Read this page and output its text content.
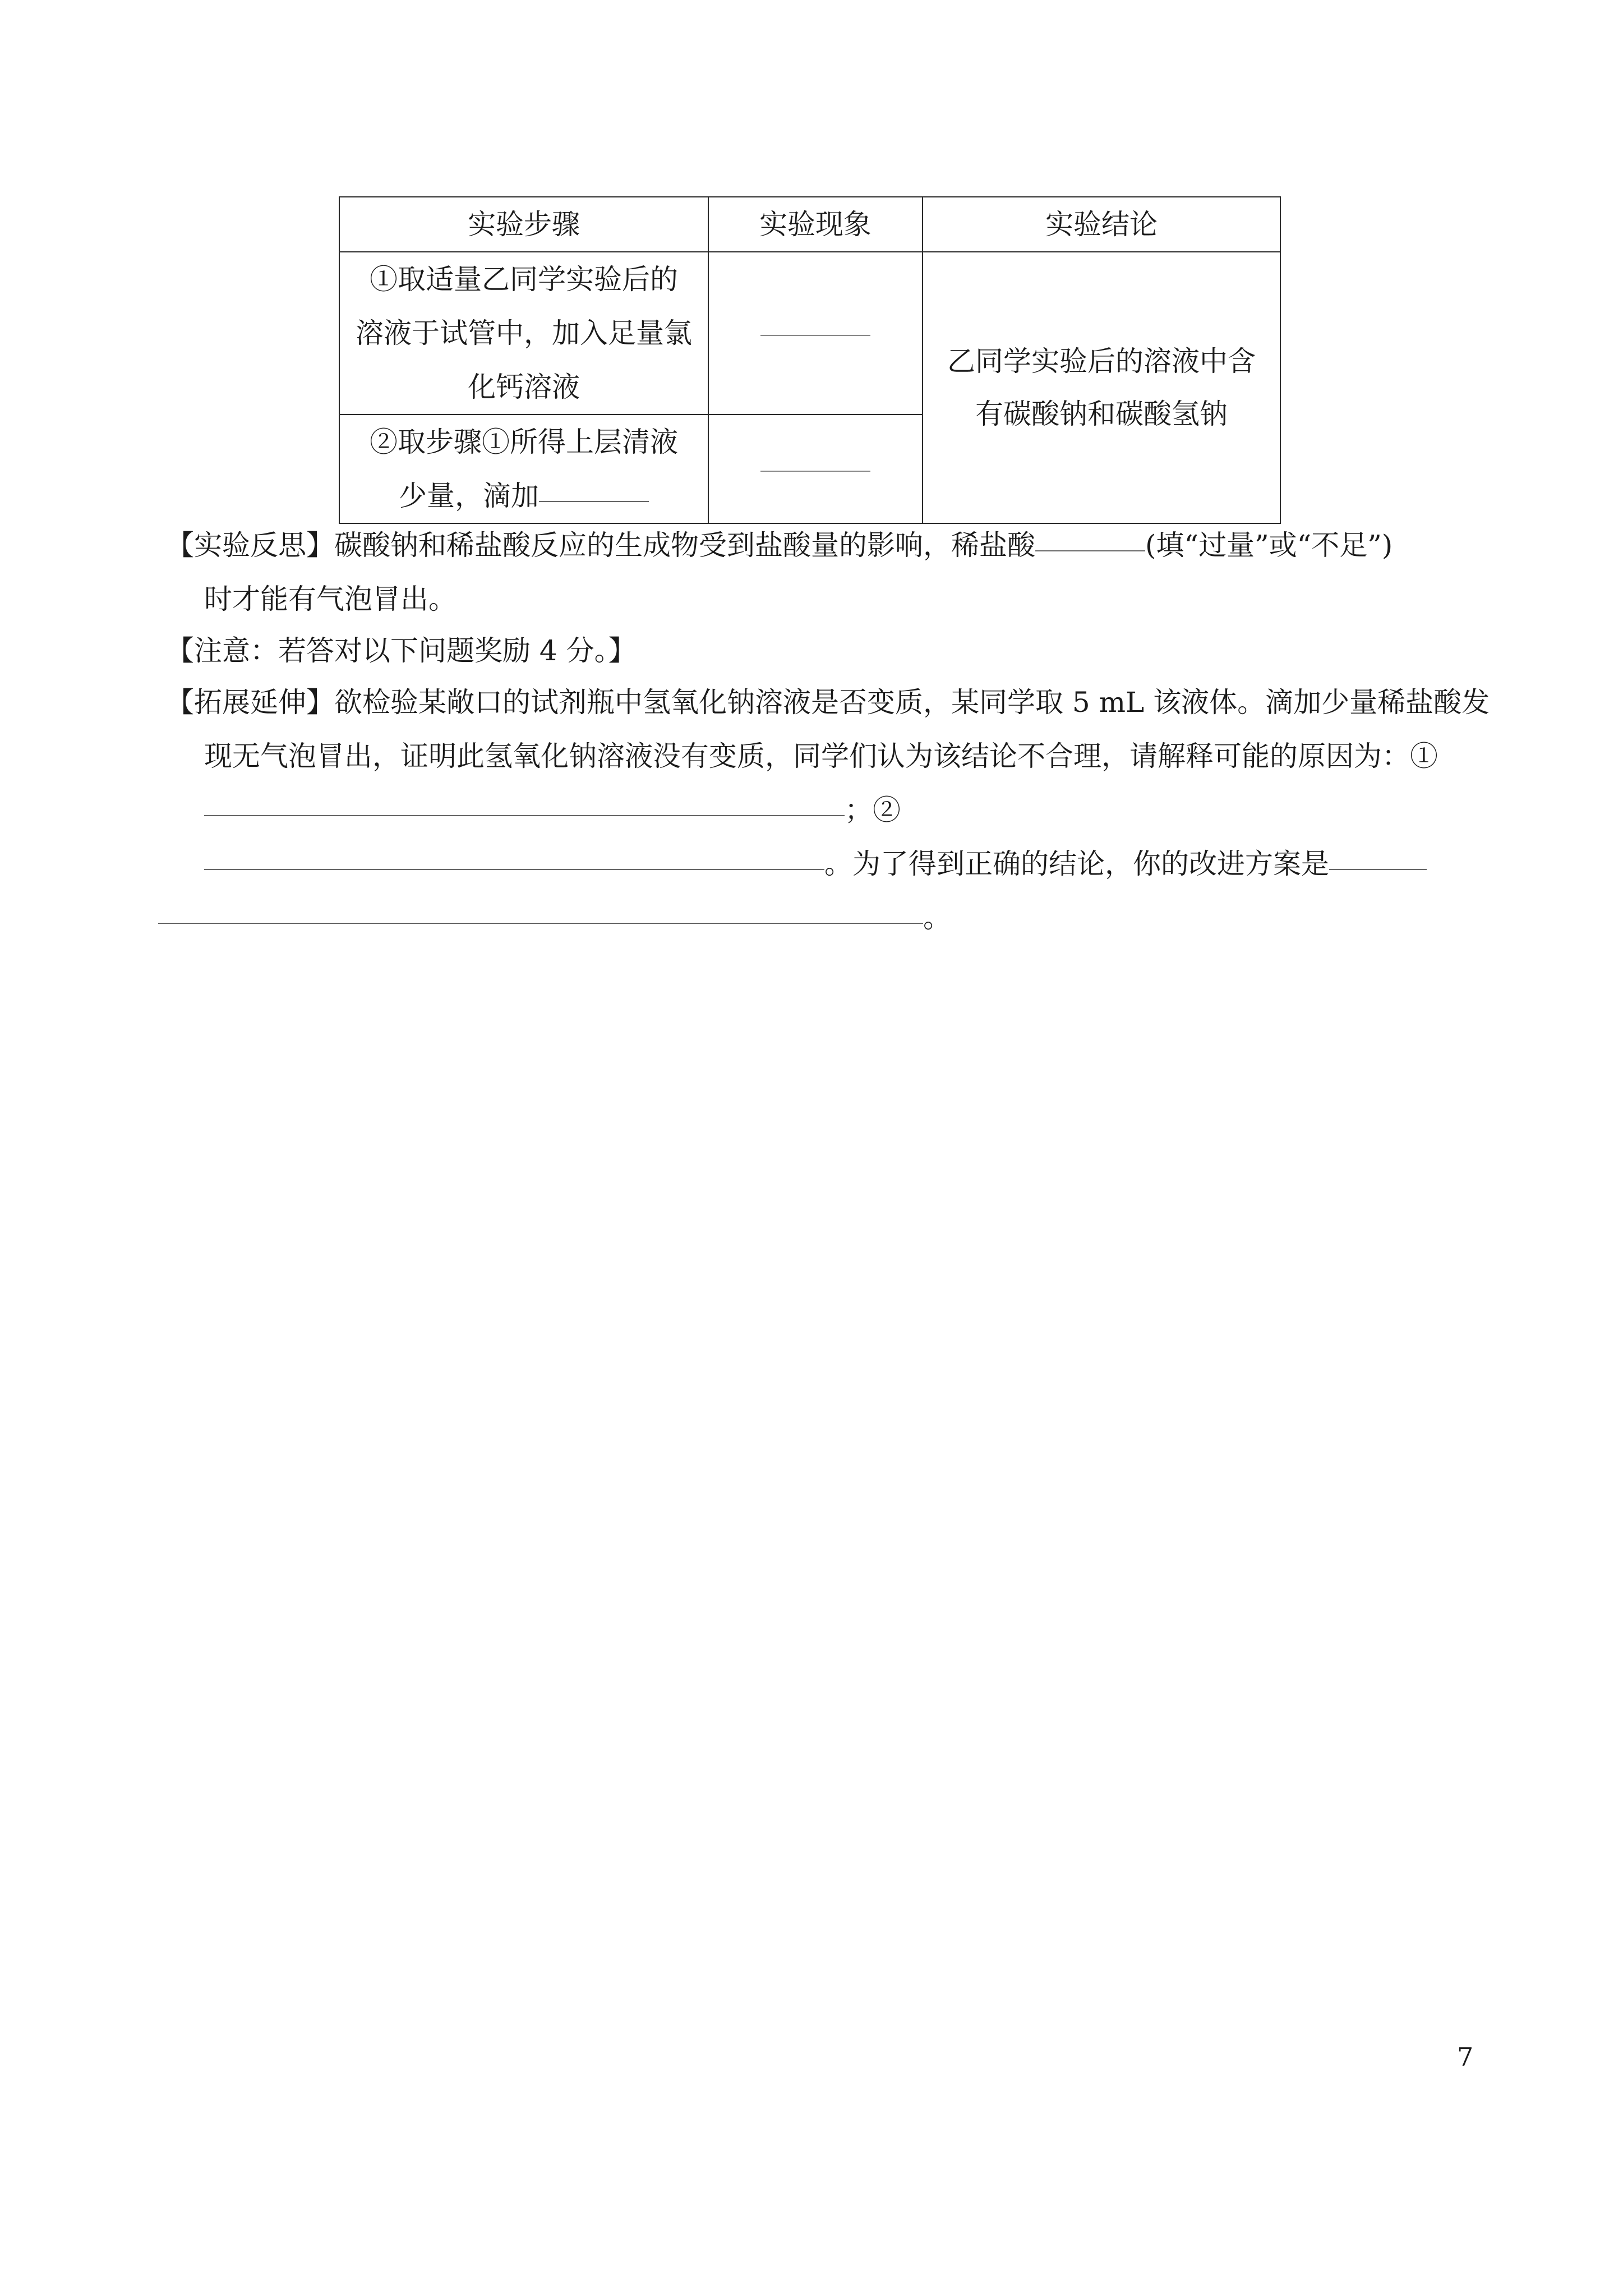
实验步骤	实验现象	实验结论

①取适量乙同学实验后的
溶液于试管中，加入足量氯
化钙溶液		乙同学实验后的溶液中含
有碳酸钠和碳酸氢钠

②取步骤①所得上层清液
少量，滴加		

【实验反思】碳酸钠和稀盐酸反应的生成物受到盐酸量的影响，稀盐酸	(填“过量”或“不足”)
时才能有气泡冒出。
【注意：若答对以下问题奖励 4 分。】
【拓展延伸】欲检验某敞口的试剂瓶中氢氧化钠溶液是否变质，某同学取 5 mL 该液体。滴加少量稀盐酸发
现无气泡冒出，证明此氢氧化钠溶液没有变质，同学们认为该结论不合理，请解释可能的原因为：①
；②
。为了得到正确的结论，你的改进方案是
。
7
